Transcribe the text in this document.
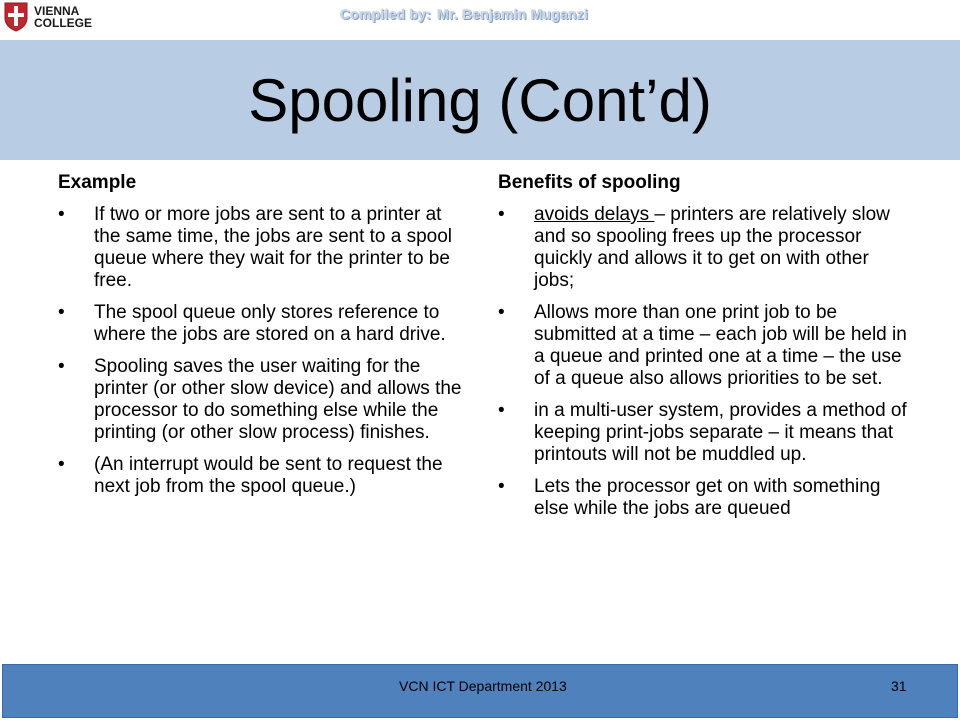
VIENNA
COLLEGE
Compiled by: Mr. Benjamin Muganzi
Spooling (Cont’d)
Example
• If two or more jobs are sent to a printer at the same time, the jobs are sent to a spool queue where they wait for the printer to be free.
• The spool queue only stores reference to where the jobs are stored on a hard drive.
• Spooling saves the user waiting for the printer (or other slow device) and allows the processor to do something else while the printing (or other slow process) finishes.
• (An interrupt would be sent to request the next job from the spool queue.)
Benefits of spooling
• avoids delays – printers are relatively slow and so spooling frees up the processor quickly and allows it to get on with other jobs;
• Allows more than one print job to be submitted at a time – each job will be held in a queue and printed one at a time – the use of a queue also allows priorities to be set.
• in a multi-user system, provides a method of keeping print-jobs separate – it means that printouts will not be muddled up.
• Lets the processor get on with something else while the jobs are queued
VCN ICT Department 2013	31
